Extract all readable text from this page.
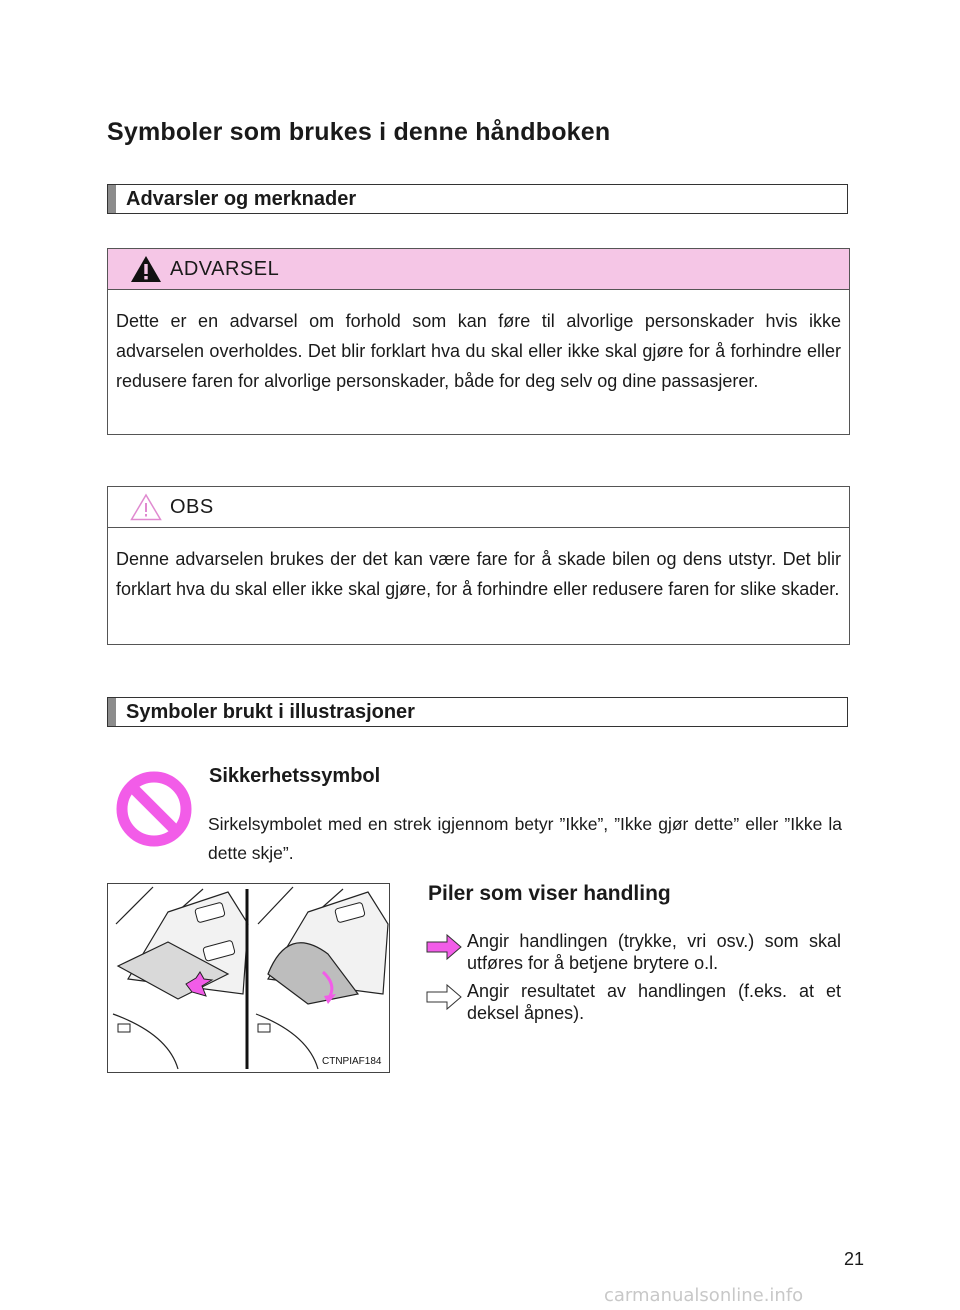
Symboler som brukes i denne håndboken
Advarsler og merknader
ADVARSEL
Dette er en advarsel om forhold som kan føre til alvorlige personskader hvis ikke advarselen overholdes. Det blir forklart hva du skal eller ikke skal gjøre for å forhindre eller redusere faren for alvorlige personskader, både for deg selv og dine passasjerer.
OBS
Denne advarselen brukes der det kan være fare for å skade bilen og dens utstyr. Det blir forklart hva du skal eller ikke skal gjøre, for å forhindre eller redusere faren for slike skader.
Symboler brukt i illustrasjoner
Sikkerhetssymbol
Sirkelsymbolet med en strek igjennom betyr ”Ikke”, ”Ikke gjør dette” eller ”Ikke la dette skje”.
CTNPIAF184
Piler som viser handling
Angir handlingen (trykke, vri osv.) som skal utføres for å betjene brytere o.l.
Angir resultatet av handlingen (f.eks. at et deksel åpnes).
21
carmanualsonline.info
